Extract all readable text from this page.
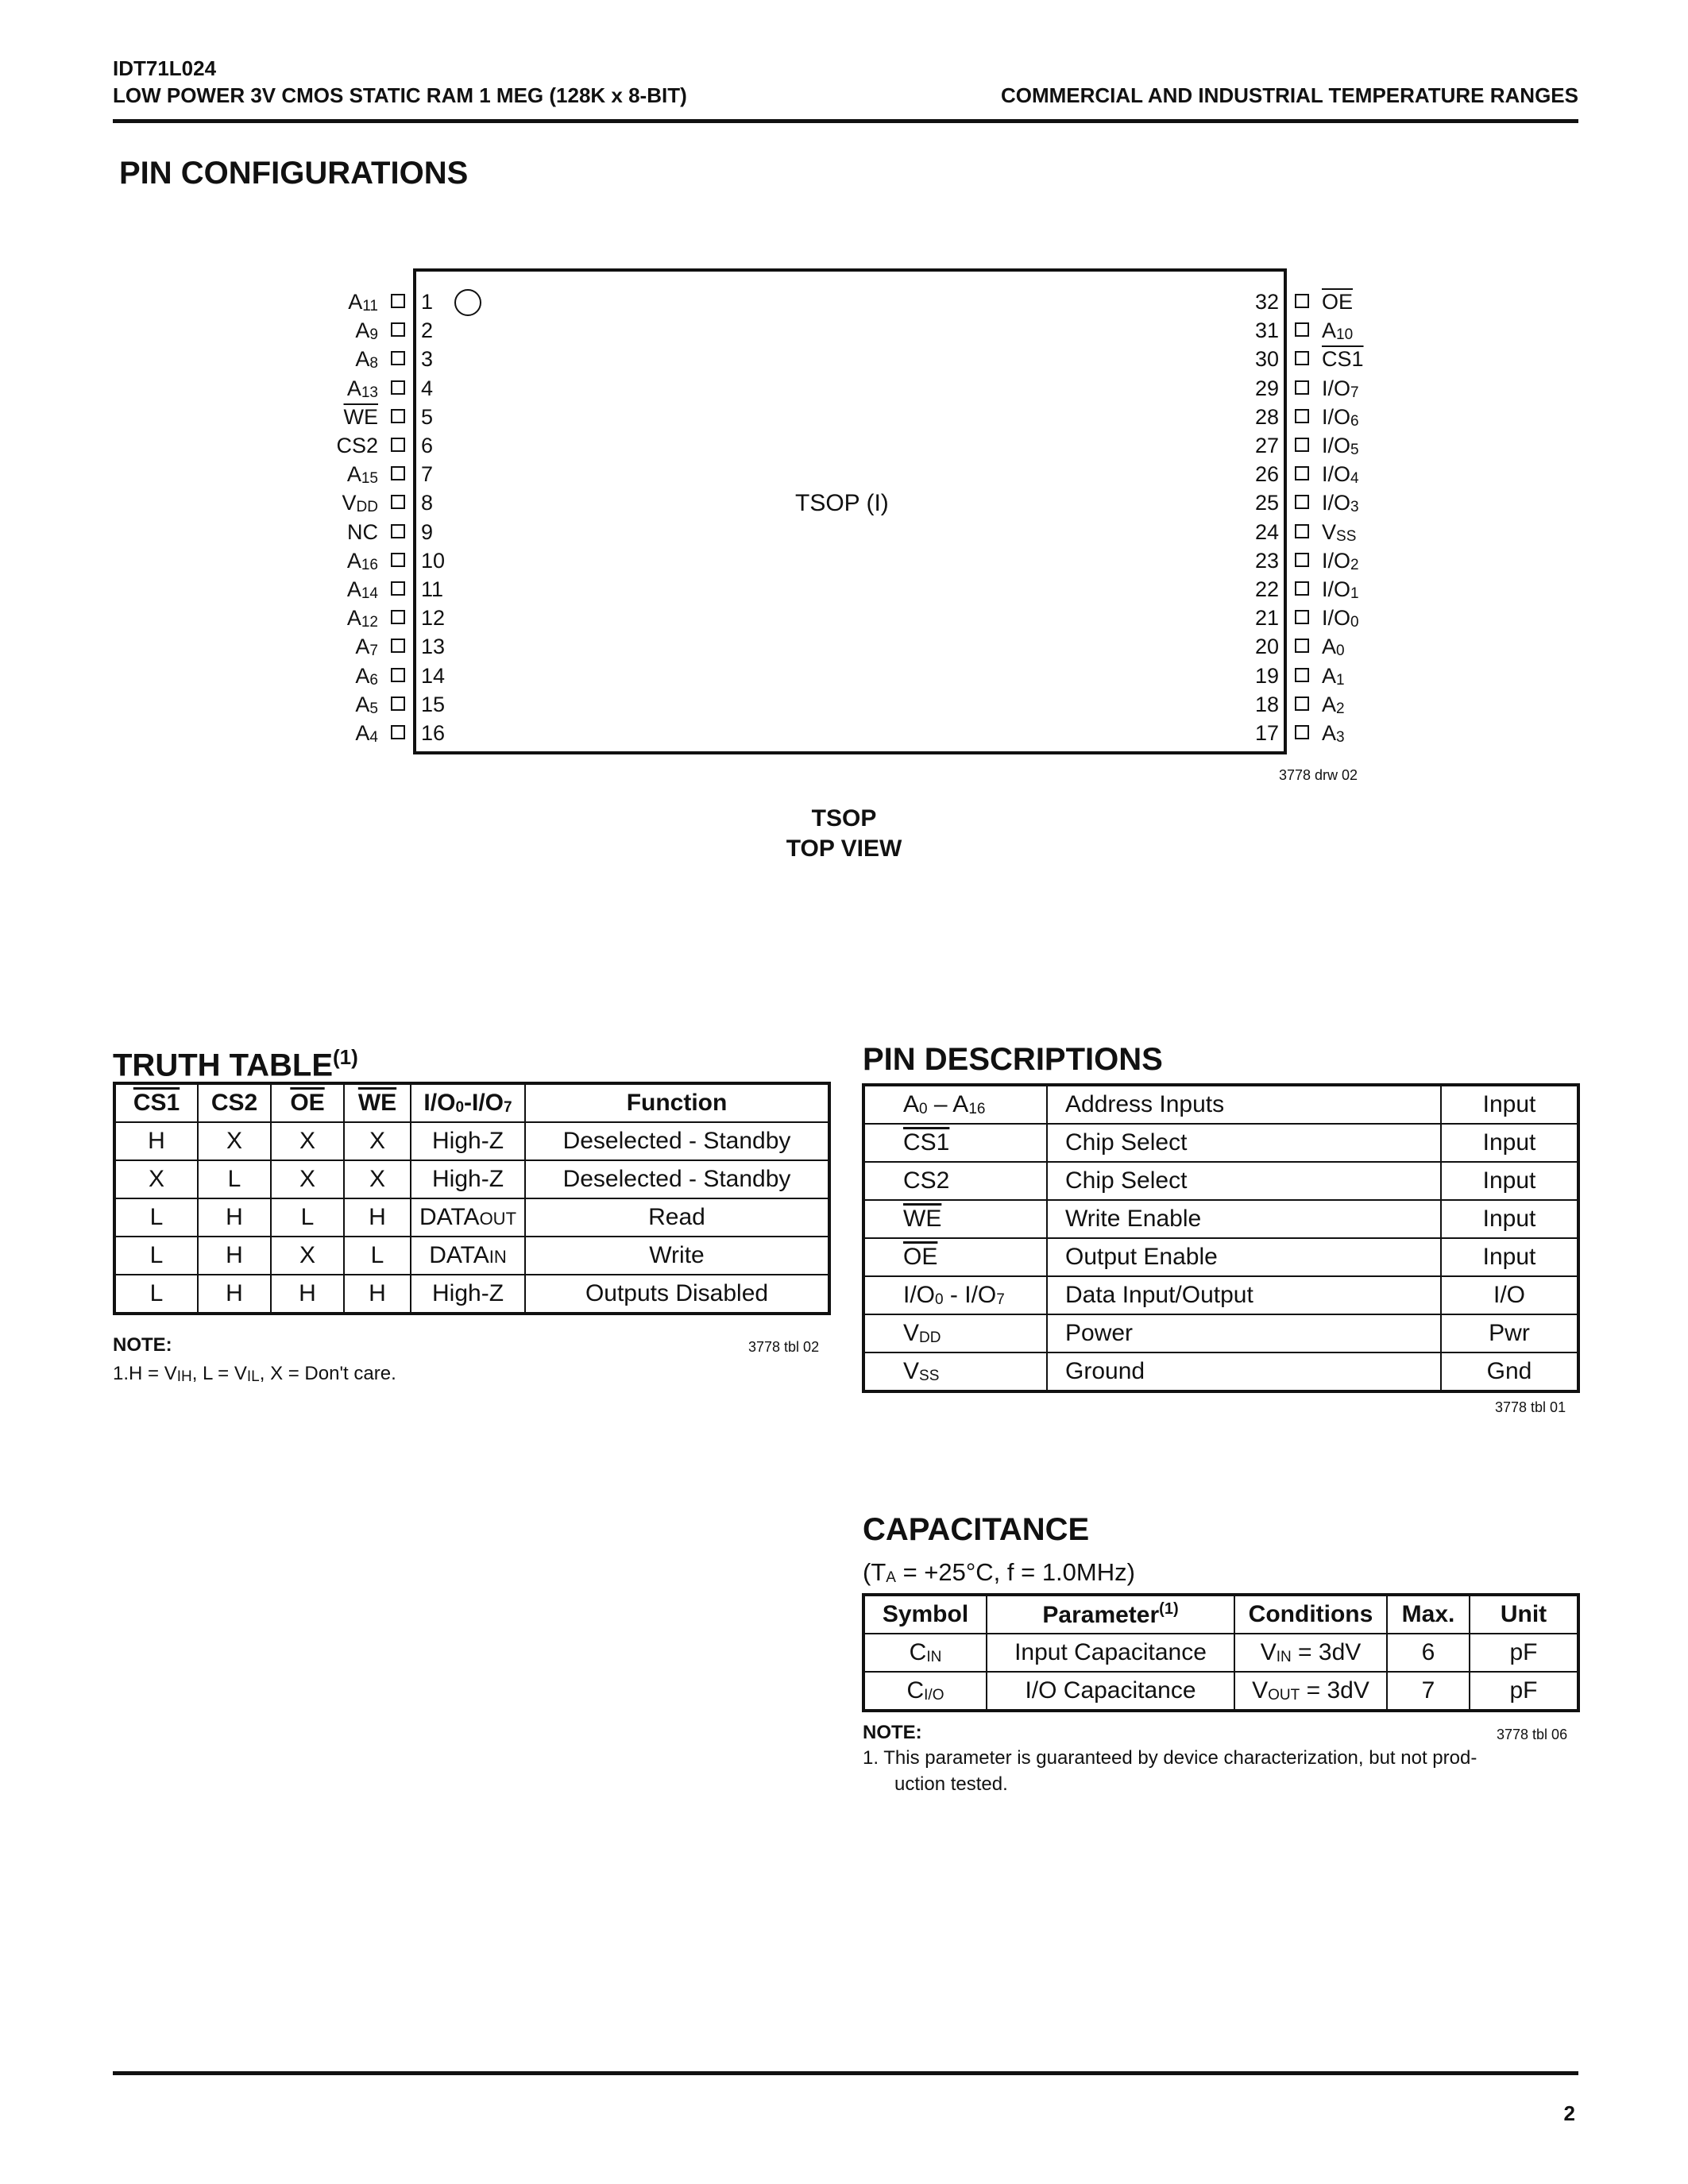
IDT71L024
LOW POWER 3V CMOS STATIC RAM 1 MEG (128K x 8-BIT)	COMMERCIAL AND INDUSTRIAL TEMPERATURE RANGES
PIN CONFIGURATIONS
TSOP (I)
$A_{11}$ 1
$A_9$ 2
$A_8$ 3
$A_{13}$ 4
$\overline{WE}$ 5
CS2 6
$A_{15}$ 7
$V_{DD}$ 8
NC 9
$A_{16}$ 10
$A_{14}$ 11
$A_{12}$ 12
$A_7$ 13
$A_6$ 14
$A_5$ 15
$A_4$ 16
$\overline{OE}$
32
$A_{10}$
31
CS1
30
$I/O_7$
29
$I/O_6$
28
$I/O_5$
27
$I/O_4$
26
$I/O_3$
25
$V_{SS}$
24
$I/O_2$
23
$I/O_1$
22
$I/O_0$
21
$A_0$
20
$A_1$
19
$A_2$
18
$A_3$
17
3778 drw 02
TSOP
TOP VIEW
TRUTH TABLE$^{(1)}$
CS1	CS2	$\overline{OE}$	$\overline{WE}$	$I/O_0-I/O_7$	Function
H	X	X	X	High-Z	Deselected - Standby
X	L	X	X	High-Z	Deselected - Standby
L	H	L	H	DATAOUT	Read
L	H	X	L	DATAIN	Write
L	H	H	H	High-Z	Outputs Disabled
NOTE:	3778 tbl 02
$1.H = V_{IH}$, $L = V_{IL}$, X = Don't care.
PIN DESCRIPTIONS
$A_0 - A_{16}$	Address Inputs	Input
CS1	Chip Select	Input
CS2	Chip Select	Input
$\overline{WE}$	Write Enable	Input
$\overline{OE}$	Output Enable	Input
$I/O_0 - I/O_7$	Data Input/Output	I/O
$V_{DD}$	Power	Pwr
$V_{SS}$	Ground	Gnd
3778 tbl 01
CAPACITANCE
($T_A = +25^\circ C$, f = 1.0MHz)
Symbol	Parameter$^{(1)}$	Conditions	Max.	Unit
$C_{IN}$	Input Capacitance	$V_{IN} = 3dV$	6	pF
$C_{I/O}$	I/O Capacitance	$V_{OUT} = 3dV$	7	pF
NOTE:	3778 tbl 06
1. This parameter is guaranteed by device characterization, but not prod-
uction tested.
2
